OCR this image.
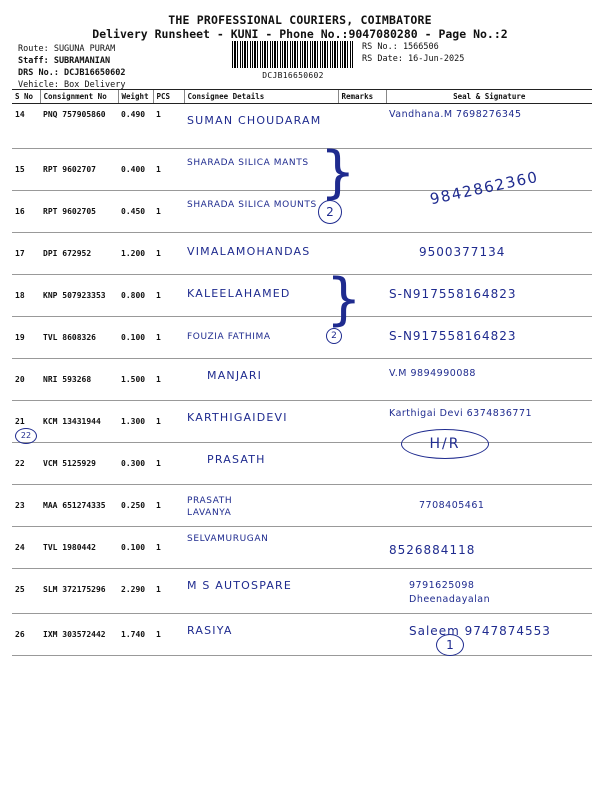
THE PROFESSIONAL COURIERS, COIMBATORE
Delivery Runsheet - KUNI - Phone No.:9047080280 - Page No.:2
Route: SUGUNA PURAM
Staff: SUBRAMANIAN
DRS No.: DCJB16650602
Vehicle: Box Delivery
DCJB16650602
RS No.: 1566506
RS Date: 16-Jun-2025
S No	Consignment No	Weight	PCS	Consignee Details	Remarks	Seal & Signature
14	PNQ 757905860	0.490	1	SUMAN CHOUDARAM		Vandhana.M 7698276345

15	RPT 9602707	0.400	1	SHARADA SILICA MANTS		

16	RPT 9602705	0.450	1	SHARADA SILICA MOUNTS		9842862360
17	DPI 672952	1.200	1	VIMALAMOHANDAS		9500377134

18	KNP 507923353	0.800	1	KALEELAHAMED		S-N917558164823

19	TVL 8608326	0.100	1	FOUZIA FATHIMA		S-N917558164823

20	NRI 593268	1.500	1	MANJARI		V.M 9894990088

21	KCM 13431944	1.300	1	KARTHIGAIDEVI		Karthigai Devi 6374836771

22	VCM 5125929	0.300	1	PRASATH		

23	MAA 651274335	0.250	1	PRASATH LAVANYA		7708405461

24	TVL 1980442	0.100	1	SELVAMURUGAN		8526884118

25	SLM 372175296	2.290	1	M S AUTOSPARE		9791625098 Dheenadayalan

26	IXM 303572442	1.740	1	RASIYA		Saleem 9747874553
H/R
2
2
1
22
}
}
